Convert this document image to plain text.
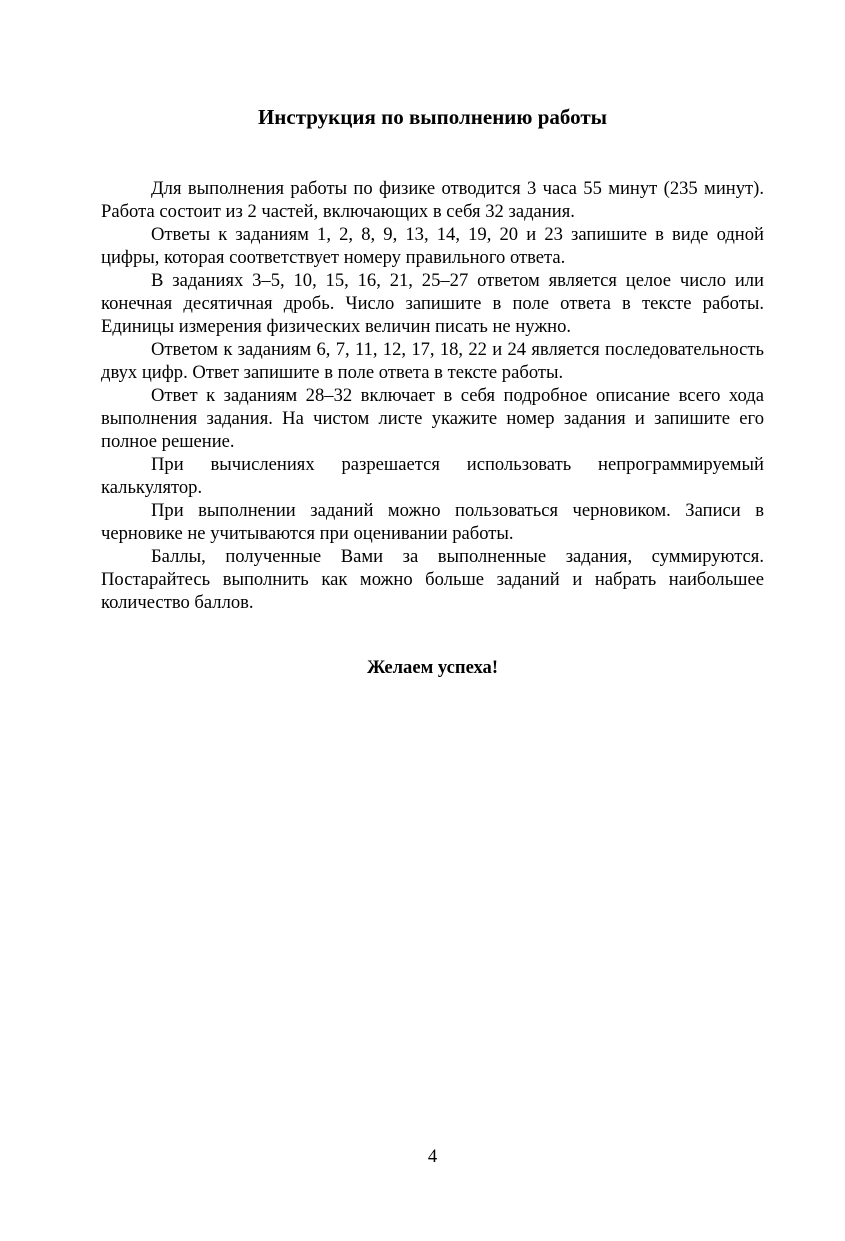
Инструкция по выполнению работы

Для выполнения работы по физике отводится 3 часа 55 минут (235 минут). Работа состоит из 2 частей, включающих в себя 32 задания.

Ответы к заданиям 1, 2, 8, 9, 13, 14, 19, 20 и 23 запишите в виде одной цифры, которая соответствует номеру правильного ответа.

В заданиях 3–5, 10, 15, 16, 21, 25–27 ответом является целое число или конечная десятичная дробь. Число запишите в поле ответа в тексте работы. Единицы измерения физических величин писать не нужно.

Ответом к заданиям 6, 7, 11, 12, 17, 18, 22 и 24 является последовательность двух цифр. Ответ запишите в поле ответа в тексте работы.

Ответ к заданиям 28–32 включает в себя подробное описание всего хода выполнения задания. На чистом листе укажите номер задания и запишите его полное решение.

При вычислениях разрешается использовать непрограммируемый калькулятор.

При выполнении заданий можно пользоваться черновиком. Записи в черновике не учитываются при оценивании работы.

Баллы, полученные Вами за выполненные задания, суммируются. Постарайтесь выполнить как можно больше заданий и набрать наибольшее количество баллов.

Желаем успеха!

4
